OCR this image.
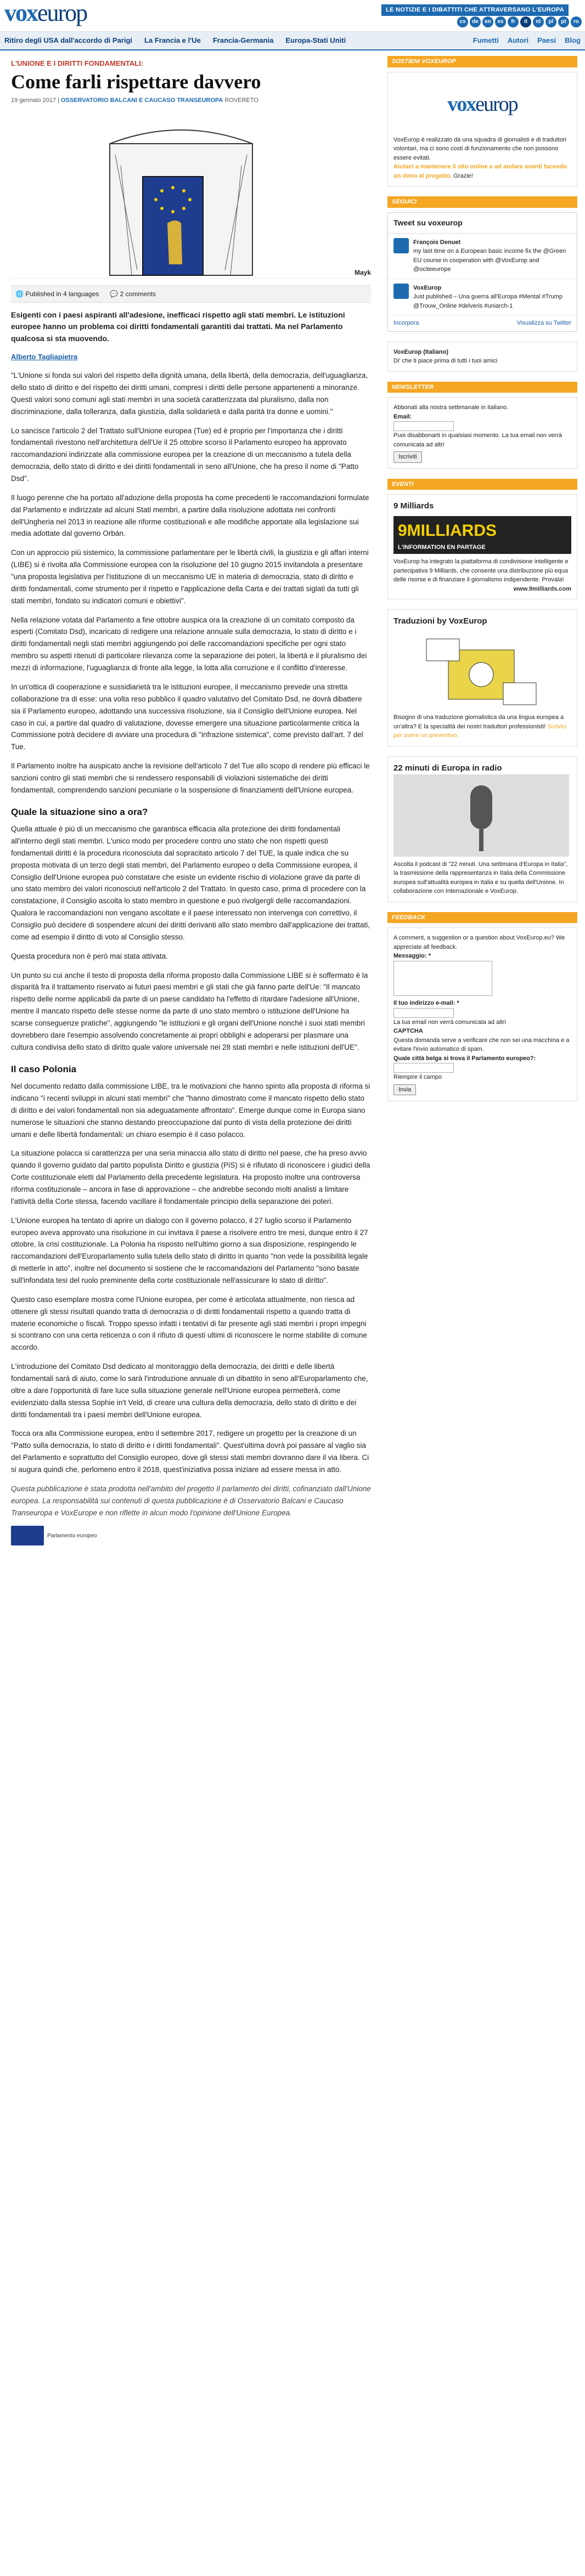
voxeurop	LE NOTIZIE E I DIBATTITI CHE ATTRAVERSANO L'EUROPA
cs	de	en	es	fr	it	nl	pl	pt	ro
Ritiro degli USA dall'accordo di Parigi La Francia e l'Ue Francia-Germania Europa-Stati Uniti	Fumetti Autori Paesi Blog
L'UNIONE E I DIRITTI FONDAMENTALI:
Come farli rispettare davvero
19 gennaio 2017 | OSSERVATORIO BALCANI E CAUCASO TRANSEUROPA ROVERETO
Mayk
🌐 Published in 4 languages 💬 2 comments
Esigenti con i paesi aspiranti all'adesione, inefficaci rispetto agli stati membri. Le istituzioni europee hanno un problema coi diritti fondamentali garantiti dai trattati. Ma nel Parlamento qualcosa si sta muovendo.
Alberto Tagliapietra

"L'Unione si fonda sui valori del rispetto della dignità umana, della libertà, della democrazia, dell'uguaglianza, dello stato di diritto e del rispetto dei diritti umani, compresi i diritti delle persone appartenenti a minoranze. Questi valori sono comuni agli stati membri in una società caratterizzata dal pluralismo, dalla non discriminazione, dalla tolleranza, dalla giustizia, dalla solidarietà e dalla parità tra donne e uomini."

Lo sancisce l'articolo 2 del Trattato sull'Unione europea (Tue) ed è proprio per l'importanza che i diritti fondamentali rivestono nell'architettura dell'Ue il 25 ottobre scorso il Parlamento europeo ha approvato raccomandazioni indirizzate alla commissione europea per la creazione di un meccanismo a tutela della democrazia, dello stato di diritto e dei diritti fondamentali in seno all'Unione, che ha preso il nome di "Patto Dsd".

Il luogo perenne che ha portato all'adozione della proposta ha come precedenti le raccomandazioni formulate dal Parlamento e indirizzate ad alcuni Stati membri, a partire dalla risoluzione adottata nei confronti dell'Ungheria nel 2013 in reazione alle riforme costituzionali e alle modifiche apportate alla legislazione sui media adottate dal governo Orbán.

Con un approccio più sistemico, la commissione parlamentare per le libertà civili, la giustizia e gli affari interni (LIBE) si è rivolta alla Commissione europea con la risoluzione del 10 giugno 2015 invitandola a presentare "una proposta legislativa per l'istituzione di un meccanismo UE in materia di democrazia, stato di diritto e diritti fondamentali, come strumento per il rispetto e l'applicazione della Carta e dei trattati siglati da tutti gli stati membri, fondato su indicatori comuni e obiettivi".

Nella relazione votata dal Parlamento a fine ottobre auspica ora la creazione di un comitato composto da esperti (Comitato Dsd), incaricato di redigere una relazione annuale sulla democrazia, lo stato di diritto e i diritti fondamentali negli stati membri aggiungendo poi delle raccomandazioni specifiche per ogni stato membro su aspetti ritenuti di particolare rilevanza come la separazione dei poteri, la libertà e il pluralismo dei mezzi di informazione, l'uguaglianza di fronte alla legge, la lotta alla corruzione e il conflitto d'interesse.

In un'ottica di cooperazione e sussidiarietà tra le istituzioni europee, il meccanismo prevede una stretta collaborazione tra di esse: una volta reso pubblico il quadro valutativo del Comitato Dsd, ne dovrà dibattere sia il Parlamento europeo, adottando una successiva risoluzione, sia il Consiglio dell'Unione europea. Nel caso in cui, a partire dal quadro di valutazione, dovesse emergere una situazione particolarmente critica la Commissione potrà decidere di avviare una procedura di "infrazione sistemica", come previsto dall'art. 7 del Tue.

Il Parlamento inoltre ha auspicato anche la revisione dell'articolo 7 del Tue allo scopo di rendere più efficaci le sanzioni contro gli stati membri che si rendessero responsabili di violazioni sistematiche dei diritti fondamentali, comprendendo sanzioni pecuniarie o la sospensione di finanziamenti dell'Unione europea.

Quale la situazione sino a ora?

Quella attuale è più di un meccanismo che garantisca efficacia alla protezione dei diritti fondamentali all'interno degli stati membri. L'unico modo per procedere contro uno stato che non rispetti questi fondamentali diritti è la procedura riconosciuta dal sopracitato articolo 7 del TUE, la quale indica che su proposta motivata di un terzo degli stati membri, del Parlamento europeo o della Commissione europea, il Consiglio dell'Unione europea può constatare che esiste un evidente rischio di violazione grave da parte di uno stato membro dei valori riconosciuti nell'articolo 2 del Trattato. In questo caso, prima di procedere con la constatazione, il Consiglio ascolta lo stato membro in questione e può rivolgergli delle raccomandazioni. Qualora le raccomandazioni non vengano ascoltate e il paese interessato non intervenga con correttivo, il Consiglio può decidere di sospendere alcuni dei diritti derivanti allo stato membro dall'applicazione dei trattati, come ad esempio il diritto di voto al Consiglio stesso.

Questa procedura non è però mai stata attivata.

Un punto su cui anche il testo di proposta della riforma proposto dalla Commissione LIBE si è soffermato è la disparità fra il trattamento riservato ai futuri paesi membri e gli stati che già fanno parte dell'Ue: "Il mancato rispetto delle norme applicabili da parte di un paese candidato ha l'effetto di ritardare l'adesione all'Unione, mentre il mancato rispetto delle stesse norme da parte di uno stato membro o istituzione dell'Unione ha scarse conseguenze pratiche", aggiungendo "le istituzioni e gli organi dell'Unione nonché i suoi stati membri dovrebbero dare l'esempio assolvendo concretamente ai propri obblighi e adoperarsi per plasmare una cultura condivisa dello stato di diritto quale valore universale nei 28 stati membri e nelle istituzioni dell'UE".

Il caso Polonia

Nel documento redatto dalla commissione LIBE, tra le motivazioni che hanno spinto alla proposta di riforma si indicano "i recenti sviluppi in alcuni stati membri" che "hanno dimostrato come il mancato rispetto dello stato di diritto e dei valori fondamentali non sia adeguatamente affrontato". Emerge dunque come in Europa siano numerose le situazioni che stanno destando preoccupazione dal punto di vista della protezione dei diritti umani e delle libertà fondamentali: un chiaro esempio è il caso polacco.

La situazione polacca si caratterizza per una seria minaccia allo stato di diritto nel paese, che ha preso avvio quando il governo guidato dal partito populista Diritto e giustizia (PiS) si è rifiutato di riconoscere i giudici della Corte costituzionale eletti dal Parlamento della precedente legislatura. Ha proposto inoltre una controversa riforma costituzionale – ancora in fase di approvazione – che andrebbe secondo molti analisti a limitare l'attività della Corte stessa, facendo vacillare il fondamentale principio della separazione dei poteri.

L'Unione europea ha tentato di aprire un dialogo con il governo polacco, il 27 luglio scorso il Parlamento europeo aveva approvato una risoluzione in cui invitava il paese a risolvere entro tre mesi, dunque entro il 27 ottobre, la crisi costituzionale. La Polonia ha risposto nell'ultimo giorno a sua disposizione, respingendo le raccomandazioni dell'Europarlamento sulla tutela dello stato di diritto in quanto "non vede la possibilità legale di metterle in atto", inoltre nel documento si sostiene che le raccomandazioni del Parlamento "sono basate sull'infondata tesi del ruolo preminente della corte costituzionale nell'assicurare lo stato di diritto".

Questo caso esemplare mostra come l'Unione europea, per come è articolata attualmente, non riesca ad ottenere gli stessi risultati quando tratta di democrazia o di diritti fondamentali rispetto a quando tratta di materie economiche o fiscali. Troppo spesso infatti i tentativi di far presente agli stati membri i propri impegni si scontrano con una certa reticenza o con il rifiuto di questi ultimi di riconoscere le norme stabilite di comune accordo.

L'introduzione del Comitato Dsd dedicato al monitoraggio della democrazia, dei diritti e delle libertà fondamentali sarà di aiuto, come lo sarà l'introduzione annuale di un dibattito in seno all'Europarlamento che, oltre a dare l'opportunità di fare luce sulla situazione generale nell'Unione europea permetterà, come evidenziato dalla stessa Sophie in't Veld, di creare una cultura della democrazia, dello stato di diritto e dei diritti fondamentali tra i paesi membri dell'Unione europea.

Tocca ora alla Commissione europea, entro il settembre 2017, redigere un progetto per la creazione di un "Patto sulla democrazia, lo stato di diritto e i diritti fondamentali". Quest'ultima dovrà poi passare al vaglio sia del Parlamento e soprattutto del Consiglio europeo, dove gli stessi stati membri dovranno dare il via libera. Ci si augura quindi che, perlomeno entro il 2018, quest'iniziativa possa iniziare ad essere messa in atto.

Questa pubblicazione è stata prodotta nell'ambito del progetto Il parlamento dei diritti, cofinanziato dall'Unione europea. La responsabilità sui contenuti di questa pubblicazione è di Osservatorio Balcani e Caucaso Transeuropa e VoxEurope e non riflette in alcun modo l'opinione dell'Unione Europea.

Parlamento europeo
SOSTIENI VOXEUROP
voxeurop

VoxEurop è realizzato da una squadra di giornalisti e di traduttori volontari, ma ci sono costi di funzionamento che non possono essere evitati.

Aiutaci a mantenere il sito online e ad andare avanti facendo un dono al progetto. Grazie!

SEGUICI
Tweet su voxeurop
François Denuet
my last time on a European basic income fix the @Green EU course in cooperation with @VoxEurop and @ociteeurope
VoxEurop
Just published – Una guerra all'Europa #Mental #Trump @Trouw_Online #delveris #uniarch-1
Incorpora	Visualizza su Twitter
VoxEurop (Italiano)
Di' che ti piace prima di tutti i tuoi amici
NEWSLETTER

Abbonati alla nostra settimanale in italiano.

Email:

Puoi disabbonarti in qualsiasi momento. La tua email non verrà comunicata ad altri
Iscriviti
EVENTI
9 Milliards
9MILLIARDS
L'INFORMATION EN PARTAGE

VoxEurop ha integrato la piattaforma di condivisione intelligente e partecipativa 9 Milliards, che consente una distribuzione più equa delle risorse e di finanziare il giornalismo indipendente. Provala!

www.9milliards.com
Traduzioni by VoxEurop

Bisogno di una traduzione giornalistica da una lingua europea a un'altra? E la specialità dei nostri traduttori professionisti! Scrivici per avere un preventivo.

22 minuti di Europa in radio

Ascolta il podcast di "22 minuti. Una settimana d'Europa in Italia", la trasmissione della rappresentanza in Italia della Commissione europea sull'attualità europea in Italia e su quella dell'Unione. In collaborazione con Internazionale e VoxEurop.

FEEDBACK

A comment, a suggestion or a question about VoxEurop.eu? We appreciate all feedback.

Messaggio: *

Il tuo indirizzo e-mail: *

La tua email non verrà comunicata ad altri
CAPTCHA
Questa domanda serve a verificare che non sei una macchina e a evitare l'invio automatico di spam.
Quale città belga si trova il Parlamento europeo?:

Riempire il campo
Invia
